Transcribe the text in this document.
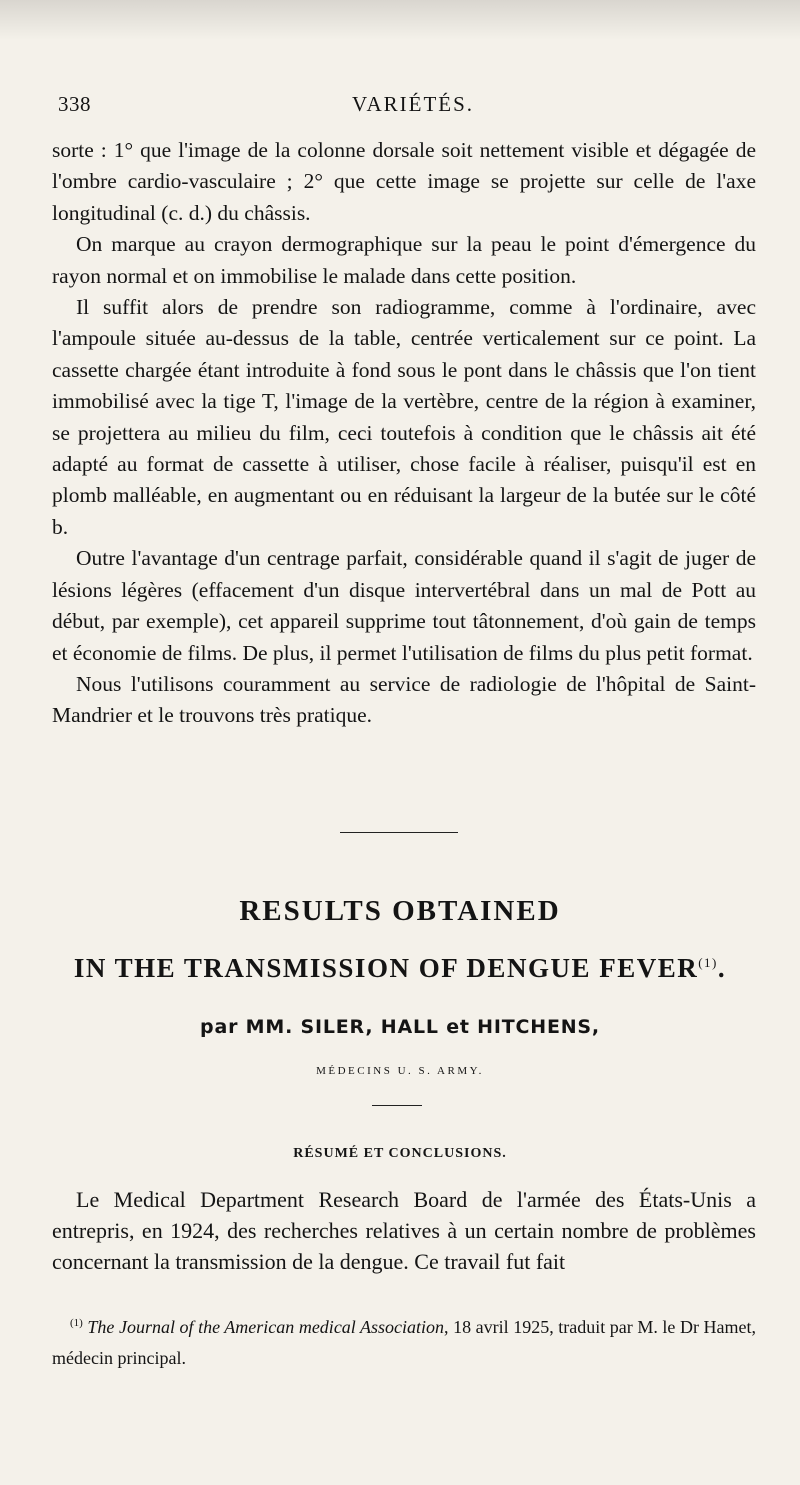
338	VARIÉTÉS.

sorte : 1° que l'image de la colonne dorsale soit nettement visible et dégagée de l'ombre cardio-vasculaire ; 2° que cette image se projette sur celle de l'axe longitudinal (c. d.) du châssis.

On marque au crayon dermographique sur la peau le point d'émergence du rayon normal et on immobilise le malade dans cette position.

Il suffit alors de prendre son radiogramme, comme à l'ordinaire, avec l'ampoule située au-dessus de la table, centrée verticalement sur ce point. La cassette chargée étant introduite à fond sous le pont dans le châssis que l'on tient immobilisé avec la tige T, l'image de la vertèbre, centre de la région à examiner, se projettera au milieu du film, ceci toutefois à condition que le châssis ait été adapté au format de cassette à utiliser, chose facile à réaliser, puisqu'il est en plomb malléable, en augmentant ou en réduisant la largeur de la butée sur le côté b.

Outre l'avantage d'un centrage parfait, considérable quand il s'agit de juger de lésions légères (effacement d'un disque intervertébral dans un mal de Pott au début, par exemple), cet appareil supprime tout tâtonnement, d'où gain de temps et économie de films. De plus, il permet l'utilisation de films du plus petit format.

Nous l'utilisons couramment au service de radiologie de l'hôpital de Saint-Mandrier et le trouvons très pratique.

RESULTS OBTAINED
IN THE TRANSMISSION OF DENGUE FEVER$^{(1)}$.
par MM. SILER, HALL et HITCHENS,
MÉDECINS U. S. ARMY.
RÉSUMÉ ET CONCLUSIONS.

Le Medical Department Research Board de l'armée des États-Unis a entrepris, en 1924, des recherches relatives à un certain nombre de problèmes concernant la transmission de la dengue. Ce travail fut fait

$^{(1)}$ The Journal of the American medical Association, 18 avril 1925, traduit par M. le Dr Hamet, médecin principal.
